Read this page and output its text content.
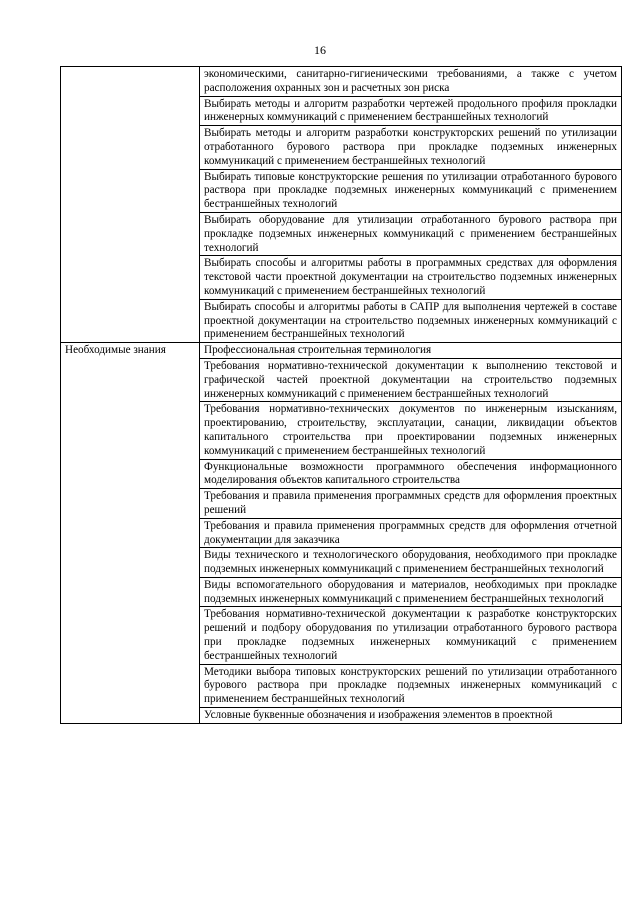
16
	экономическими, санитарно-гигиеническими требованиями, а также с учетом расположения охранных зон и расчетных зон риска
	Выбирать методы и алгоритм разработки чертежей продольного профиля прокладки инженерных коммуникаций с применением бестраншейных технологий
	Выбирать методы и алгоритм разработки конструкторских решений по утилизации отработанного бурового раствора при прокладке подземных инженерных коммуникаций с применением бестраншейных технологий
	Выбирать типовые конструкторские решения по утилизации отработанного бурового раствора при прокладке подземных инженерных коммуникаций с применением бестраншейных технологий
	Выбирать оборудование для утилизации отработанного бурового раствора при прокладке подземных инженерных коммуникаций с применением бестраншейных технологий
	Выбирать способы и алгоритмы работы в программных средствах для оформления текстовой части проектной документации на строительство подземных инженерных коммуникаций с применением бестраншейных технологий
	Выбирать способы и алгоритмы работы в САПР для выполнения чертежей в составе проектной документации на строительство подземных инженерных коммуникаций с применением бестраншейных технологий
Необходимые знания	Профессиональная строительная терминология
	Требования нормативно-технической документации к выполнению текстовой и графической частей проектной документации на строительство подземных инженерных коммуникаций с применением бестраншейных технологий
	Требования нормативно-технических документов по инженерным изысканиям, проектированию, строительству, эксплуатации, санации, ликвидации объектов капитального строительства при проектировании подземных инженерных коммуникаций с применением бестраншейных технологий
	Функциональные возможности программного обеспечения информационного моделирования объектов капитального строительства
	Требования и правила применения программных средств для оформления проектных решений
	Требования и правила применения программных средств для оформления отчетной документации для заказчика
	Виды технического и технологического оборудования, необходимого при прокладке подземных инженерных коммуникаций с применением бестраншейных технологий
	Виды вспомогательного оборудования и материалов, необходимых при прокладке подземных инженерных коммуникаций с применением бестраншейных технологий
	Требования нормативно-технической документации к разработке конструкторских решений и подбору оборудования по утилизации отработанного бурового раствора при прокладке подземных инженерных коммуникаций с применением бестраншейных технологий
	Методики выбора типовых конструкторских решений по утилизации отработанного бурового раствора при прокладке подземных инженерных коммуникаций с применением бестраншейных технологий
	Условные буквенные обозначения и изображения элементов в проектной
